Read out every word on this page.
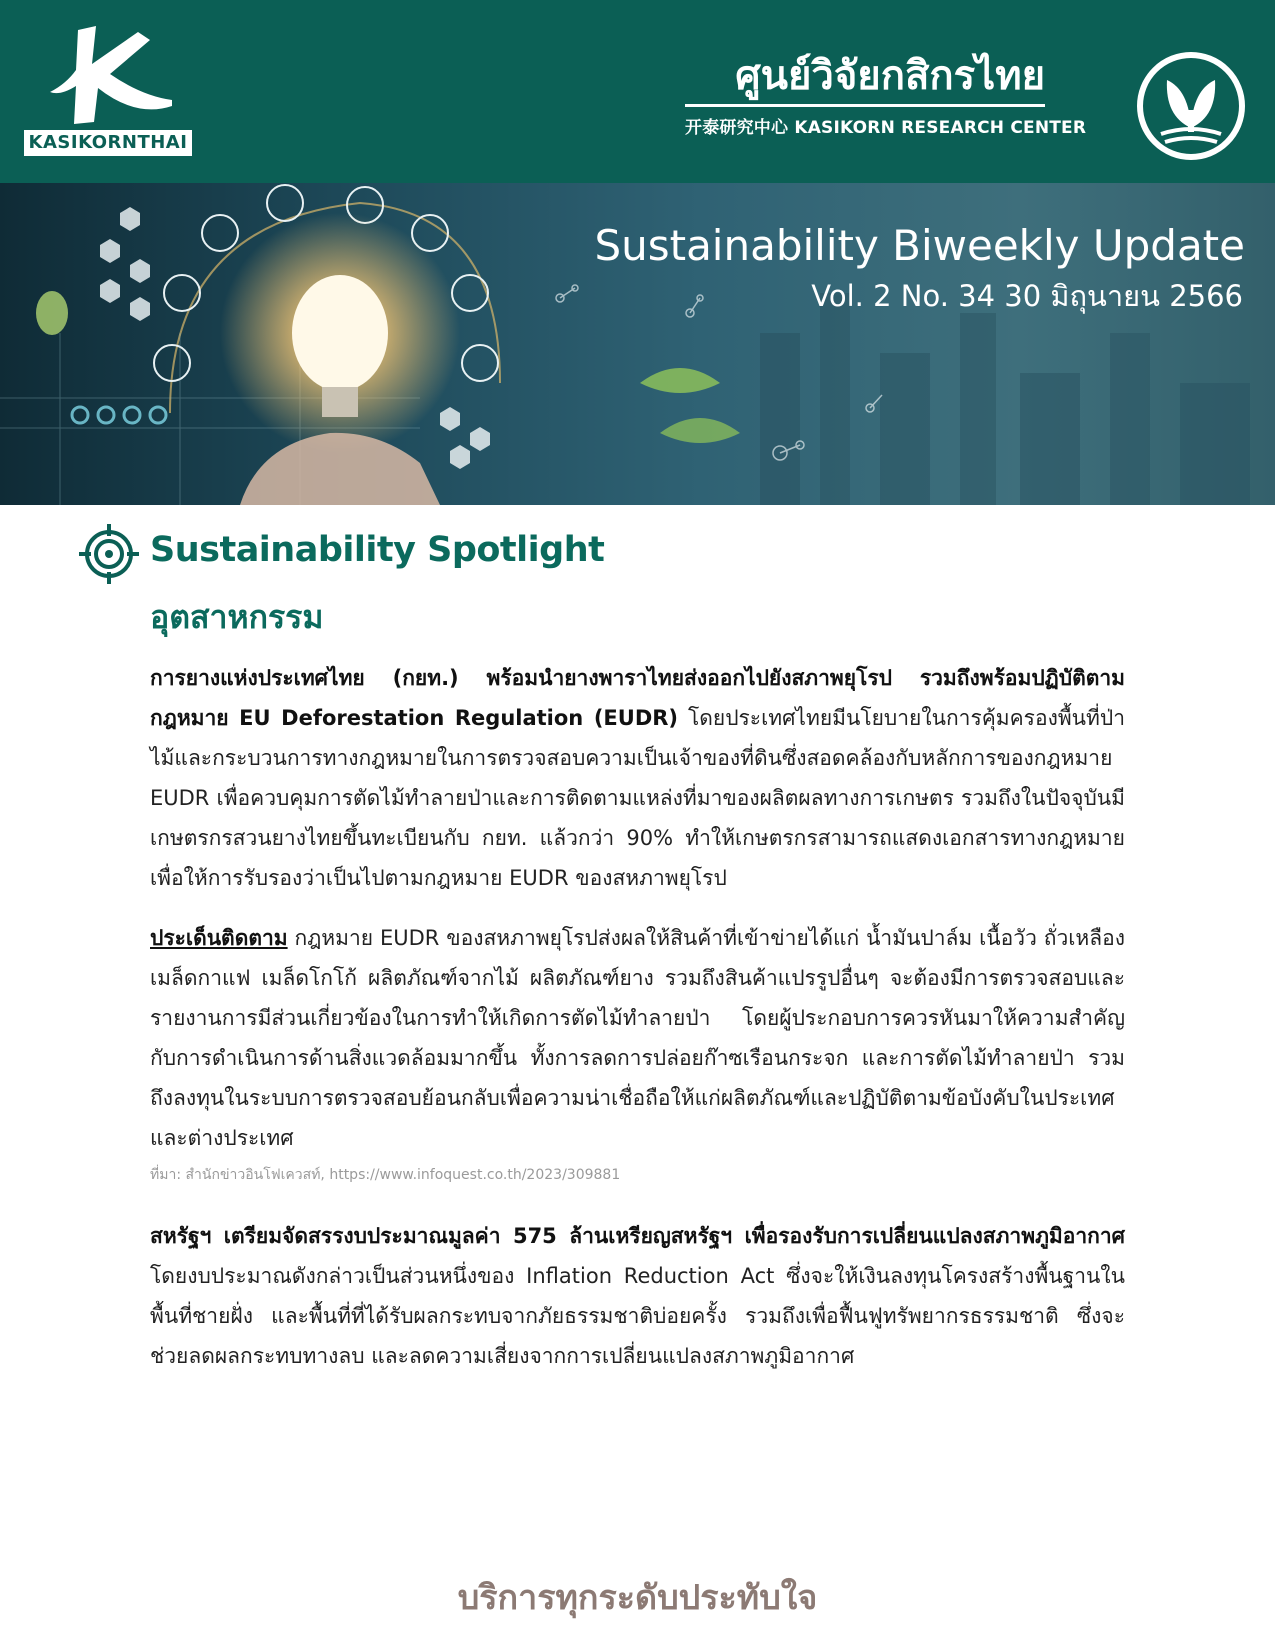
KASIKORNTHAI
ศูนย์วิจัยกสิกรไทย
开泰研究中心 KASIKORN RESEARCH CENTER
Sustainability Biweekly Update
Vol. 2 No. 34 30 มิถุนายน 2566
Sustainability Spotlight
อุตสาหกรรม

การยางแห่งประเทศไทย (กยท.) พร้อมนำยางพาราไทยส่งออกไปยังสภาพยุโรป รวมถึงพร้อมปฏิบัติตามกฎหมาย EU Deforestation Regulation (EUDR) โดยประเทศไทยมีนโยบายในการคุ้มครองพื้นที่ป่าไม้และกระบวนการทางกฎหมายในการตรวจสอบความเป็นเจ้าของที่ดินซึ่งสอดคล้องกับหลักการของกฎหมาย EUDR เพื่อควบคุมการตัดไม้ทำลายป่าและการติดตามแหล่งที่มาของผลิตผลทางการเกษตร รวมถึงในปัจจุบันมีเกษตรกรสวนยางไทยขึ้นทะเบียนกับ กยท. แล้วกว่า 90% ทำให้เกษตรกรสามารถแสดงเอกสารทางกฎหมายเพื่อให้การรับรองว่าเป็นไปตามกฎหมาย EUDR ของสหภาพยุโรป

ประเด็นติดตาม กฎหมาย EUDR ของสหภาพยุโรปส่งผลให้สินค้าที่เข้าข่ายได้แก่ น้ำมันปาล์ม เนื้อวัว ถั่วเหลือง เมล็ดกาแฟ เมล็ดโกโก้ ผลิตภัณฑ์จากไม้ ผลิตภัณฑ์ยาง รวมถึงสินค้าแปรรูปอื่นๆ จะต้องมีการตรวจสอบและรายงานการมีส่วนเกี่ยวข้องในการทำให้เกิดการตัดไม้ทำลายป่า โดยผู้ประกอบการควรหันมาให้ความสำคัญกับการดำเนินการด้านสิ่งแวดล้อมมากขึ้น ทั้งการลดการปล่อยก๊าซเรือนกระจก และการตัดไม้ทำลายป่า รวมถึงลงทุนในระบบการตรวจสอบย้อนกลับเพื่อความน่าเชื่อถือให้แก่ผลิตภัณฑ์และปฏิบัติตามข้อบังคับในประเทศและต่างประเทศ

ที่มา: สำนักข่าวอินโฟเควสท์, https://www.infoquest.co.th/2023/309881

สหรัฐฯ เตรียมจัดสรรงบประมาณมูลค่า 575 ล้านเหรียญสหรัฐฯ เพื่อรองรับการเปลี่ยนแปลงสภาพภูมิอากาศ โดยงบประมาณดังกล่าวเป็นส่วนหนึ่งของ Inflation Reduction Act ซึ่งจะให้เงินลงทุนโครงสร้างพื้นฐานในพื้นที่ชายฝั่ง และพื้นที่ที่ได้รับผลกระทบจากภัยธรรมชาติบ่อยครั้ง รวมถึงเพื่อฟื้นฟูทรัพยากรธรรมชาติ ซึ่งจะช่วยลดผลกระทบทางลบ และลดความเสี่ยงจากการเปลี่ยนแปลงสภาพภูมิอากาศ

บริการทุกระดับประทับใจ
